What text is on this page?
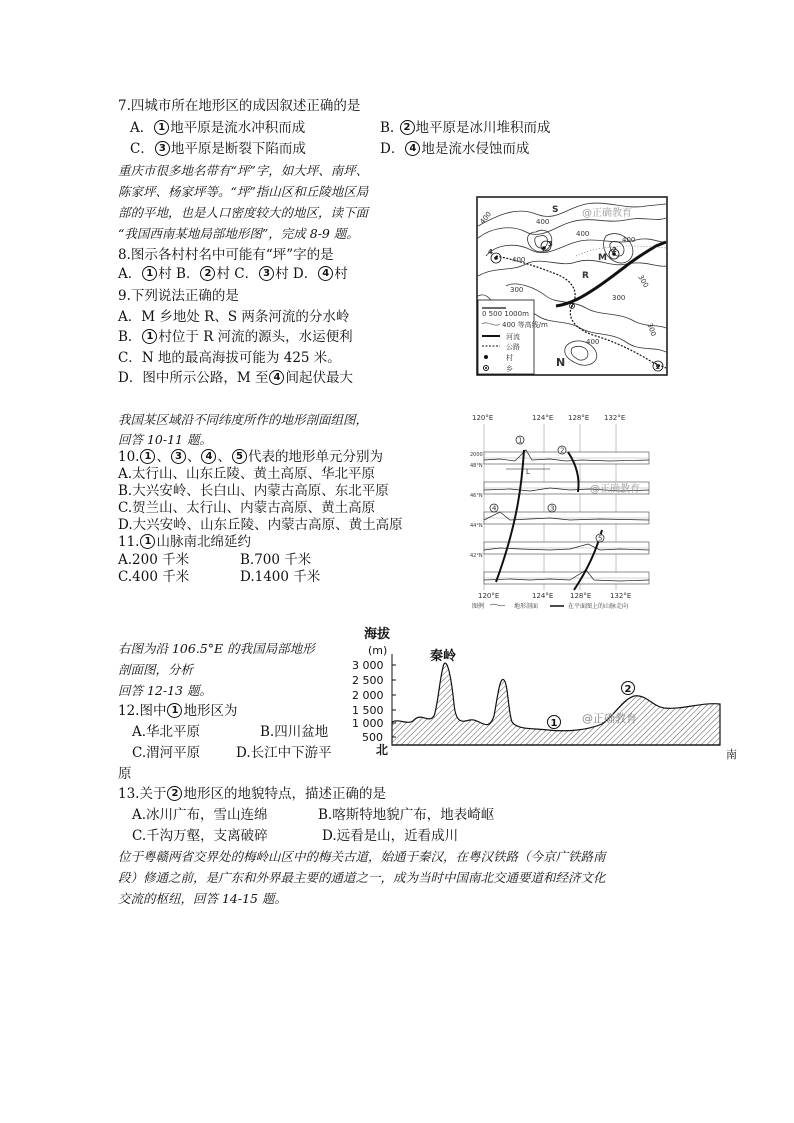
7.四城市所在地形区的成因叙述正确的是
A． 1 地平原是流水冲积而成	B. 2 地平原是冰川堆积而成
C． 3 地平原是断裂下陷而成	D． 4 地是流水侵蚀而成
重庆市很多地名带有“坪”字，如大坪、南坪、
陈家坪、杨家坪等。“坪”指山区和丘陵地区局
部的平地，也是人口密度较大的地区，读下面
“我国西南某地局部地形图”，完成 8-9 题。
8.图示各村村名中可能有“坪”字的是
A． 1 村 B． 2 村 C． 3 村 D． 4 村
9.下列说法正确的是
A．M 乡地处 R、S 两条河流的分水岭
B． 1 村位于 R 河流的源头，水运便利
C．N 地的最高海拔可能为 425 米。
D．图中所示公路，M 至 4 间起伏最大
0 500 1000m
400 等高线/m
河流
公路
村
乡
S
R
M
N
400
400
300
300
300
400
300
400
400
400
3
4	2
1
@正确教育
我国某区域沿不同纬度所作的地形剖面组图，
回答 10-11 题。
10. 1 、 3 、 4 、 5 代表的地形单元分别为
A.太行山、山东丘陵、黄土高原、华北平原
B.大兴安岭、长白山、内蒙古高原、东北平原
C.贺兰山、太行山、内蒙古高原、黄土高原
D.大兴安岭、山东丘陵、内蒙古高原、黄土高原
11. 1 山脉南北绵延约
A.200 千米	B.700 千米
C.400 千米	D.1400 千米
120°E	124°E 128°E 132°E
L
1
2
3
4
5
2000
48°N
46°N
44°N
42°N
120°E	124°E 128°E	132°E
图例	地形剖面	在平面图上的山脉走向
@正确教育
右图为沿 106.5°E 的我国局部地形
剖面图，分析
回答 12-13 题。
12.图中 1 地形区为
A.华北平原	B.四川盆地
C.渭河平原	D.长江中下游平
原
13.关于 2 地形区的地貌特点，描述正确的是
A.冰川广布，雪山连绵	B.喀斯特地貌广布，地表崎岖
C.千沟万壑，支离破碎	D.远看是山，近看成川
海拔
(m)
3 000
2 500
2 000
1 500
1 000
500
秦岭
1
2
@正确教育
北	南
位于粤赣两省交界处的梅岭山区中的梅关古道，始通于秦汉，在粤汉铁路（今京广铁路南
段）修通之前，是广东和外界最主要的通道之一，成为当时中国南北交通要道和经济文化
交流的枢纽，回答 14-15 题。
